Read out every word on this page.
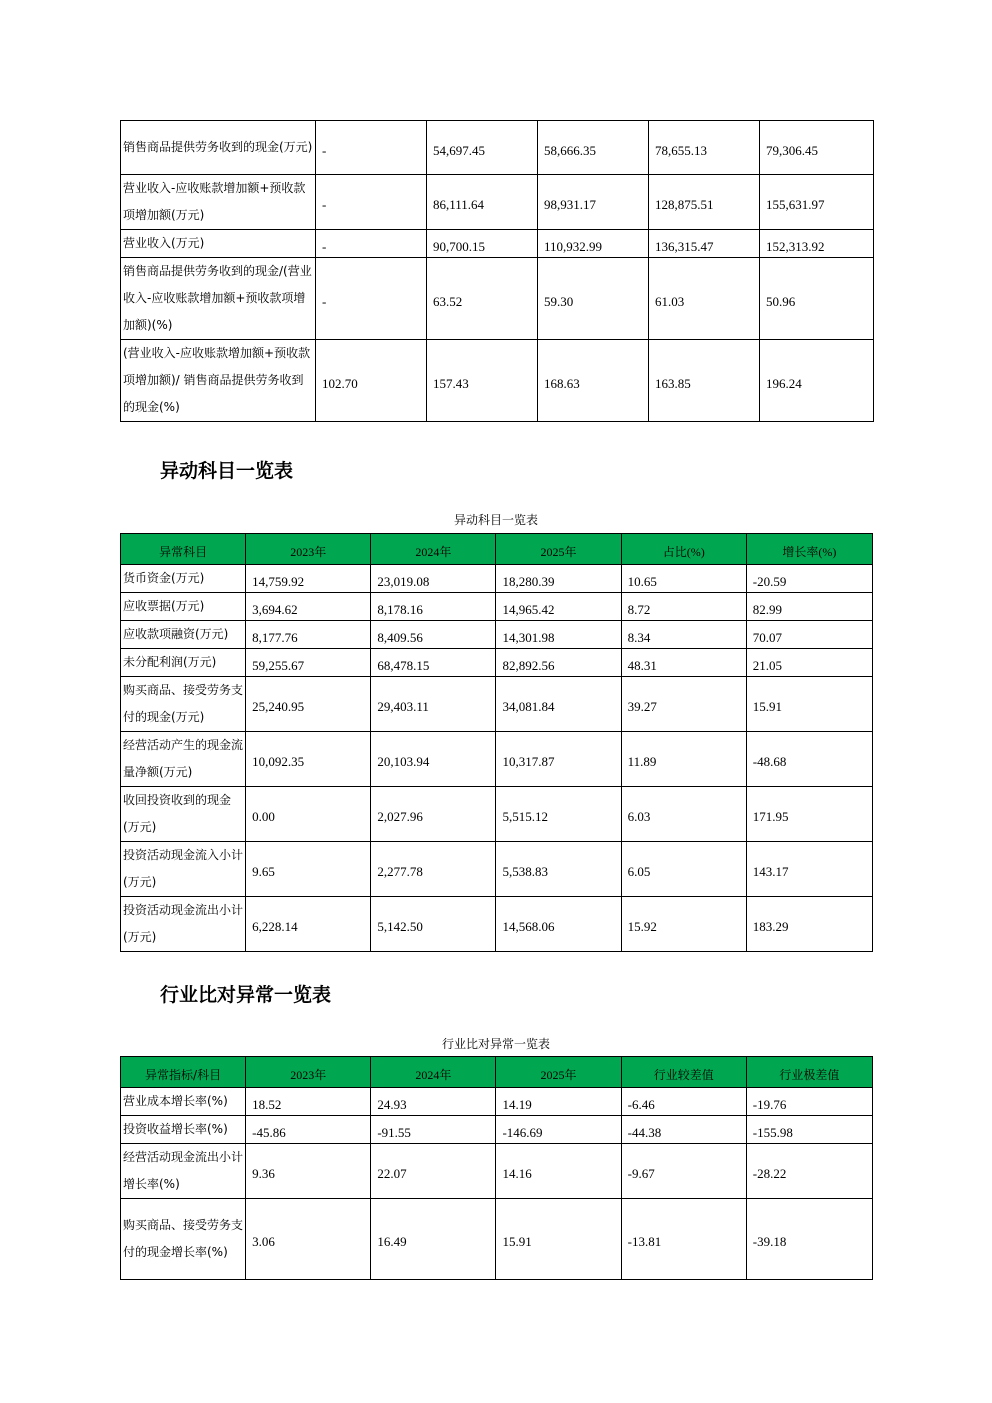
销售商品提供劳务收到的现金(万元)	-	54,697.45	58,666.35	78,655.13	79,306.45
营业收入-应收账款增加额+预收款项增加额(万元)	-	86,111.64	98,931.17	128,875.51	155,631.97
营业收入(万元)	-	90,700.15	110,932.99	136,315.47	152,313.92
销售商品提供劳务收到的现金/(营业收入-应收账款增加额+预收款项增加额)(%)	-	63.52	59.30	61.03	50.96
(营业收入-应收账款增加额+预收款项增加额)/ 销售商品提供劳务收到的现金(%)	102.70	157.43	168.63	163.85	196.24
异动科目一览表
异动科目一览表
异常科目	2023年	2024年	2025年	占比(%)	增长率(%)
货币资金(万元)	14,759.92	23,019.08	18,280.39	10.65	-20.59
应收票据(万元)	3,694.62	8,178.16	14,965.42	8.72	82.99
应收款项融资(万元)	8,177.76	8,409.56	14,301.98	8.34	70.07
未分配利润(万元)	59,255.67	68,478.15	82,892.56	48.31	21.05
购买商品、接受劳务支付的现金(万元)	25,240.95	29,403.11	34,081.84	39.27	15.91
经营活动产生的现金流量净额(万元)	10,092.35	20,103.94	10,317.87	11.89	-48.68
收回投资收到的现金(万元)	0.00	2,027.96	5,515.12	6.03	171.95
投资活动现金流入小计(万元)	9.65	2,277.78	5,538.83	6.05	143.17
投资活动现金流出小计(万元)	6,228.14	5,142.50	14,568.06	15.92	183.29
行业比对异常一览表
行业比对异常一览表
异常指标/科目	2023年	2024年	2025年	行业较差值	行业极差值
营业成本增长率(%)	18.52	24.93	14.19	-6.46	-19.76
投资收益增长率(%)	-45.86	-91.55	-146.69	-44.38	-155.98
经营活动现金流出小计增长率(%)	9.36	22.07	14.16	-9.67	-28.22
购买商品、接受劳务支付的现金增长率(%)	3.06	16.49	15.91	-13.81	-39.18
